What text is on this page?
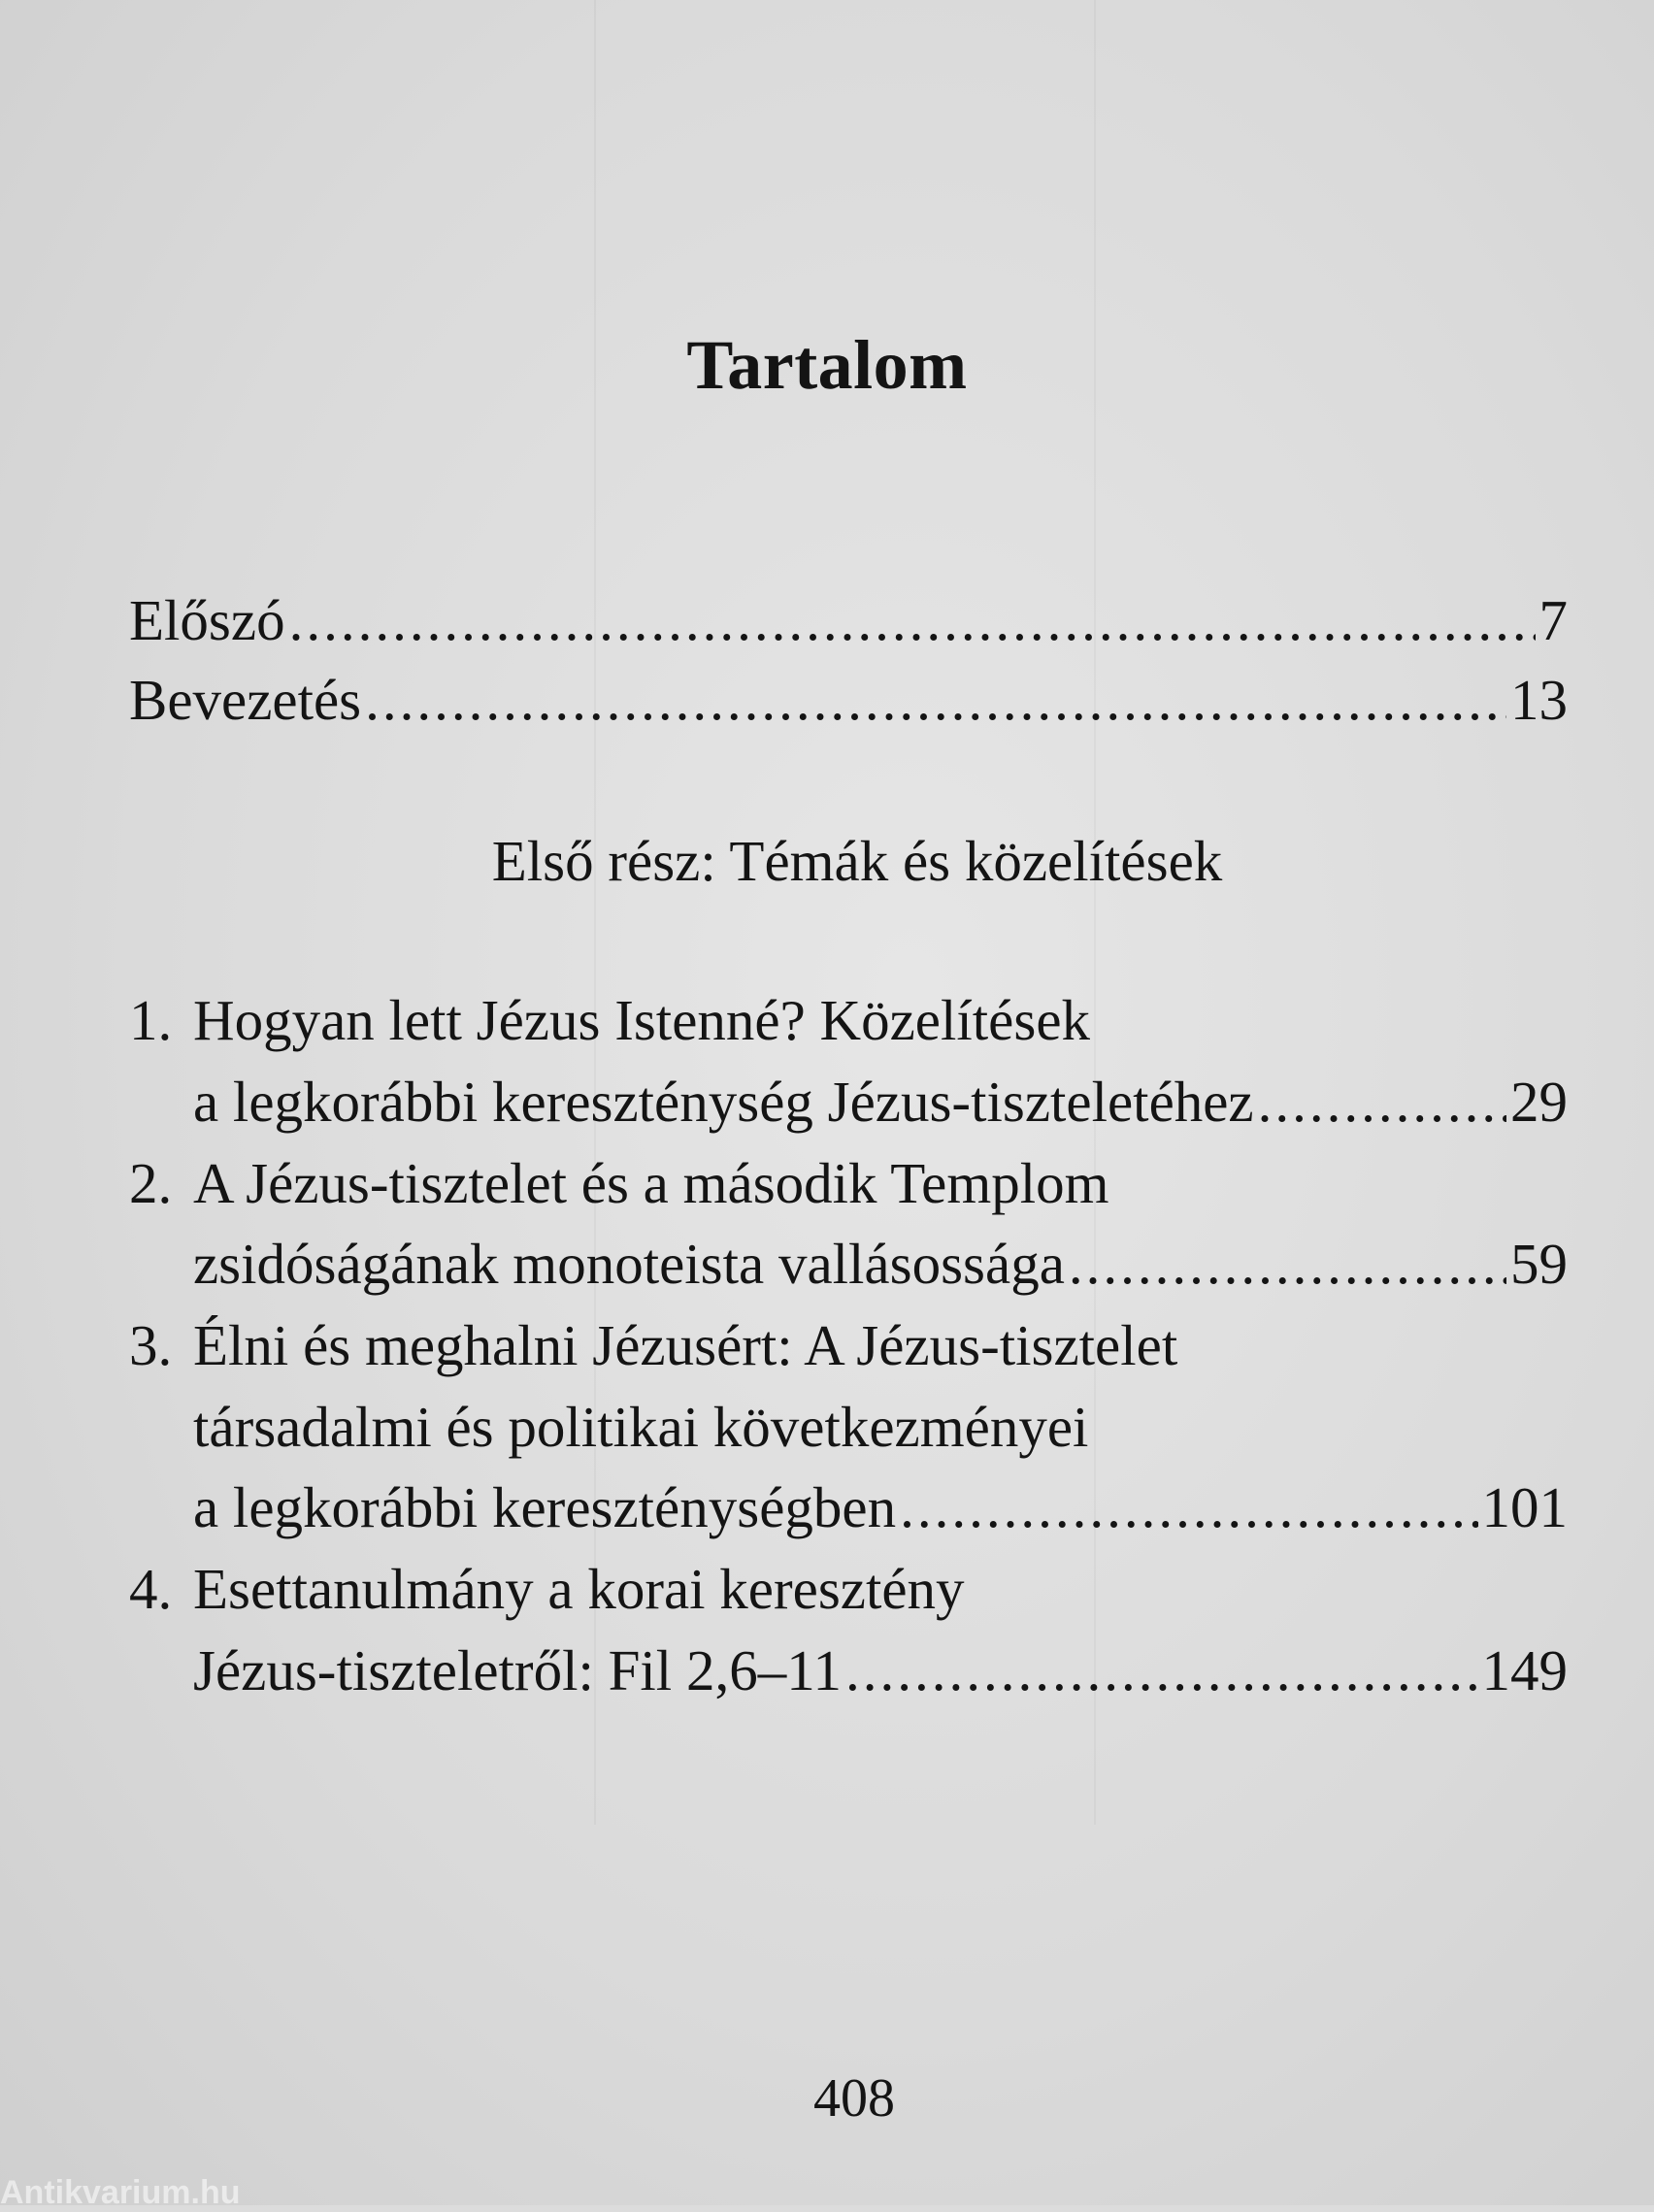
Tartalom
Előszó .....	7
Bevezetés .....	13
Első rész: Témák és közelítések
1. Hogyan lett Jézus Istenné? Közelítések
a legkorábbi kereszténység Jézus-tiszteletéhez .....	29
2. A Jézus-tisztelet és a második Templom
zsidóságának monoteista vallásossága .....	59
3. Élni és meghalni Jézusért: A Jézus-tisztelet
társadalmi és politikai következményei
a legkorábbi kereszténységben .....	101
4. Esettanulmány a korai keresztény
Jézus-tiszteletről: Fil 2,6–11 .....	149
408
Antikvarium.hu
